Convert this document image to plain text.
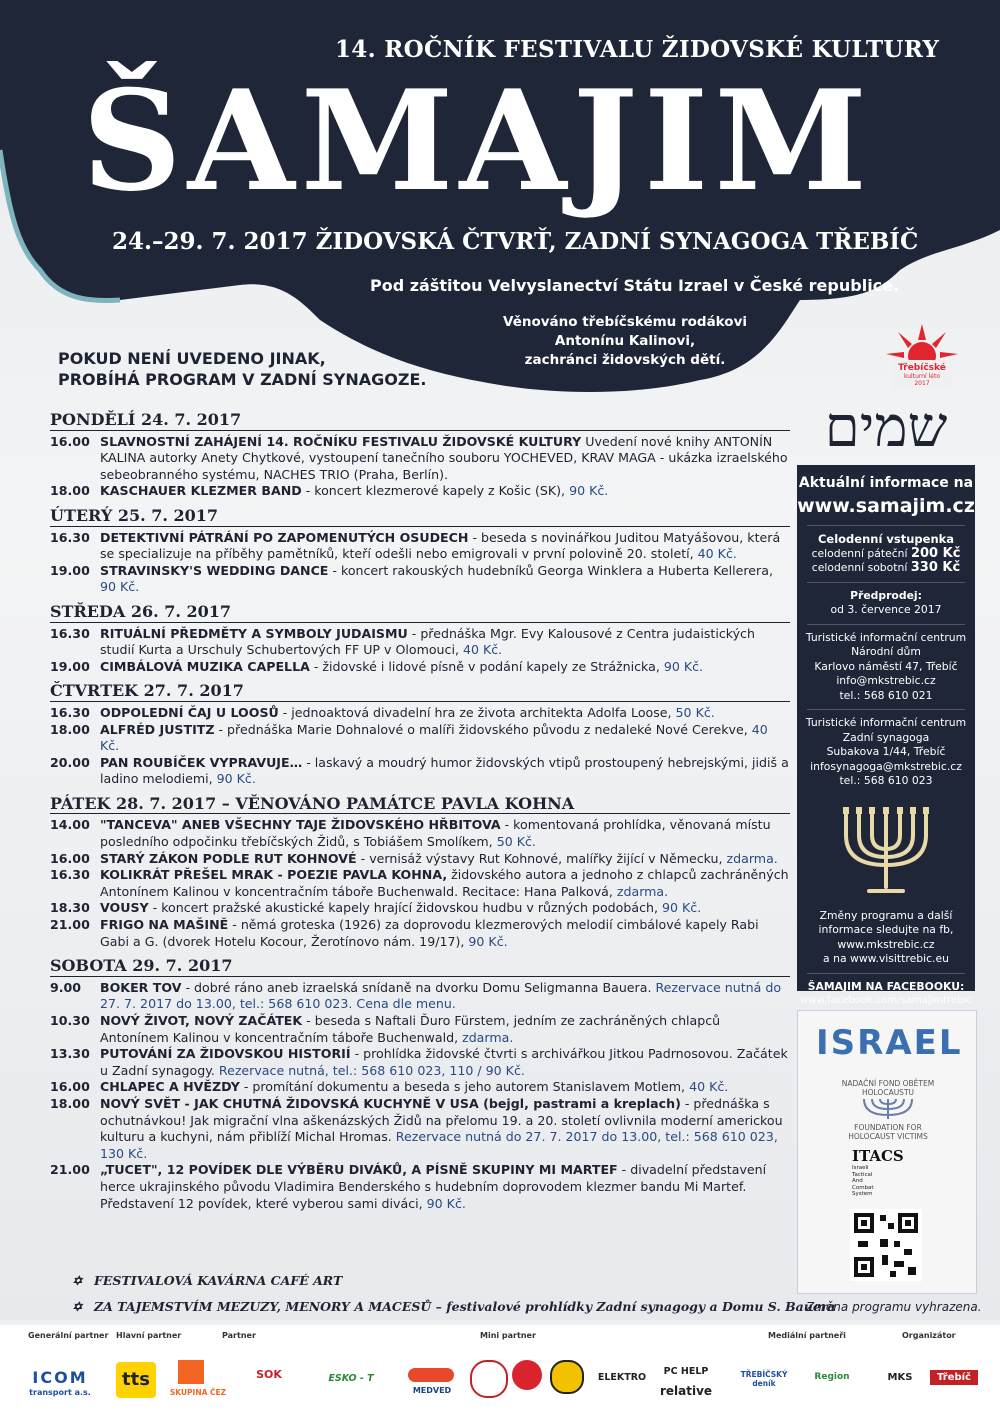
14. ROČNÍK FESTIVALU ŽIDOVSKÉ KULTURY
ŠAMAJIM
24.–29. 7. 2017 ŽIDOVSKÁ ČTVRŤ, ZADNÍ SYNAGOGA TŘEBÍČ
Pod záštitou Velvyslanectví Státu Izrael v České republice.
Věnováno třebíčskému rodákovi
Antonínu Kalinovi,
zachránci židovských dětí.	Třebíčské
kulturní léto
2017
POKUD NENÍ UVEDENO JINAK,
PROBÍHÁ PROGRAM V ZADNÍ SYNAGOZE.
PONDĚLÍ 24. 7. 2017
16.00 SLAVNOSTNÍ ZAHÁJENÍ 14. ROČNÍKU FESTIVALU ŽIDOVSKÉ KULTURY Uvedení nové knihy ANTONÍN KALINA autorky Anety Chytkové, vystoupení tanečního souboru YOCHEVED, KRAV MAGA - ukázka izraelského sebeobranného systému, NACHES TRIO (Praha, Berlín).
18.00 KASCHAUER KLEZMER BAND - koncert klezmerové kapely z Košic (SK), 90 Kč.
ÚTERÝ 25. 7. 2017
16.30 DETEKTIVNÍ PÁTRÁNÍ PO ZAPOMENUTÝCH OSUDECH - beseda s novinářkou Juditou Matyášovou, která se specializuje na příběhy pamětníků, kteří odešli nebo emigrovali v první polovině 20. století, 40 Kč.
19.00 STRAVINSKY'S WEDDING DANCE - koncert rakouských hudebníků Georga Winklera a Huberta Kellerera, 90 Kč.
STŘEDA 26. 7. 2017
16.30 RITUÁLNÍ PŘEDMĚTY A SYMBOLY JUDAISMU - přednáška Mgr. Evy Kalousové z Centra judaistických studií Kurta a Urschuly Schubertových FF UP v Olomouci, 40 Kč.
19.00 CIMBÁLOVÁ MUZIKA CAPELLA - židovské i lidové písně v podání kapely ze Strážnicka, 90 Kč.
ČTVRTEK 27. 7. 2017
16.30 ODPOLEDNÍ ČAJ U LOOSŮ - jednoaktová divadelní hra ze života architekta Adolfa Loose, 50 Kč.
18.00 ALFRÉD JUSTITZ - přednáška Marie Dohnalové o malíři židovského původu z nedaleké Nové Cerekve, 40 Kč.
20.00 PAN ROUBÍČEK VYPRAVUJE… - laskavý a moudrý humor židovských vtipů prostoupený hebrejskými, jidiš a ladino melodiemi, 90 Kč.
PÁTEK 28. 7. 2017 – VĚNOVÁNO PAMÁTCE PAVLA KOHNA
14.00 "TANCEVA" ANEB VŠECHNY TAJE ŽIDOVSKÉHO HŘBITOVA - komentovaná prohlídka, věnovaná místu posledního odpočinku třebíčských Židů, s Tobiášem Smolíkem, 50 Kč.
16.00 STARÝ ZÁKON PODLE RUT KOHNOVÉ - vernisáž výstavy Rut Kohnové, malířky žijící v Německu, zdarma.
16.30 KOLIKRÁT PŘEŠEL MRAK - POEZIE PAVLA KOHNA, židovského autora a jednoho z chlapců zachráněných Antonínem Kalinou v koncentračním táboře Buchenwald. Recitace: Hana Palková, zdarma.
18.30 VOUSY - koncert pražské akustické kapely hrající židovskou hudbu v různých podobách, 90 Kč.
21.00 FRIGO NA MAŠINĚ - němá groteska (1926) za doprovodu klezmerových melodií cimbálové kapely Rabi Gabi a G. (dvorek Hotelu Kocour, Žerotínovo nám. 19/17), 90 Kč.
SOBOTA 29. 7. 2017
9.00	BOKER TOV - dobré ráno aneb izraelská snídaně na dvorku Domu Seligmanna Bauera. Rezervace nutná do 27. 7. 2017 do 13.00, tel.: 568 610 023. Cena dle menu.
10.30 NOVÝ ŽIVOT, NOVÝ ZAČÁTEK - beseda s Naftali Ďuro Fürstem, jedním ze zachráněných chlapců Antonínem Kalinou v koncentračním táboře Buchenwald, zdarma.
13.30 PUTOVÁNÍ ZA ŽIDOVSKOU HISTORIÍ - prohlídka židovské čtvrti s archivářkou Jitkou Padrnosovou. Začátek u Zadní synagogy. Rezervace nutná, tel.: 568 610 023, 110 / 90 Kč.
16.00 CHLAPEC A HVĚZDY - promítání dokumentu a beseda s jeho autorem Stanislavem Motlem, 40 Kč.
18.00 NOVÝ SVĚT - JAK CHUTNÁ ŽIDOVSKÁ KUCHYNĚ V USA (bejgl, pastrami a kreplach) - přednáška s ochutnávkou! Jak migrační vlna aškenázských Židů na přelomu 19. a 20. století ovlivnila moderní americkou kulturu a kuchyni, nám přiblíží Michal Hromas. Rezervace nutná do 27. 7. 2017 do 13.00, tel.: 568 610 023, 130 Kč.
21.00 „TUCET", 12 POVÍDEK DLE VÝBĚRU DIVÁKŮ, A PÍSNĚ SKUPINY MI MARTEF - divadelní představení herce ukrajinského původu Vladimira Benderského s hudebním doprovodem klezmer bandu Mi Martef. Představení 12 povídek, které vyberou sami diváci, 90 Kč.
✡ FESTIVALOVÁ KAVÁRNA CAFÉ ART
✡ ZA TAJEMSTVÍM MEZUZY, MENORY A MACESŮ – festivalové prohlídky Zadní synagogy a Domu S. Bauera
Změna programu vyhrazena.
שמים
Aktuální informace na
www.samajim.cz
Celodenní vstupenka
celodenní páteční 200 Kč
celodenní sobotní 330 Kč
Předprodej:
od 3. července 2017
Turistické informační centrum
Národní dům
Karlovo náměstí 47, Třebíč
info@mkstrebic.cz
tel.: 568 610 021
Turistické informační centrum
Zadní synagoga
Subakova 1/44, Třebíč
infosynagoga@mkstrebic.cz
tel.: 568 610 023
Změny programu a další
informace sledujte na fb,
www.mkstrebic.cz
a na www.visittrebic.eu
ŠAMAJIM NA FACEBOOKU:
www.facebook.com/samajimtrebic
ISRAEL
NADAČNÍ FOND OBĚTEM
HOLOCAUSTU
FOUNDATION FOR
HOLOCAUST VICTIMS
ITACS
Israeli
Tactical
And
Combat
System
Generální partner Hlavní partner	Partner	Mini partner	Mediální partneři	Organizátor
ICOM
transport a.s.
tts
SKUPINA ČEZ
SOK	ESKO - T
MEDVED
ELEKTRO
PC HELP
relative
TŘEBÍČSKÝ deník
Region	MKS	Třebíč
